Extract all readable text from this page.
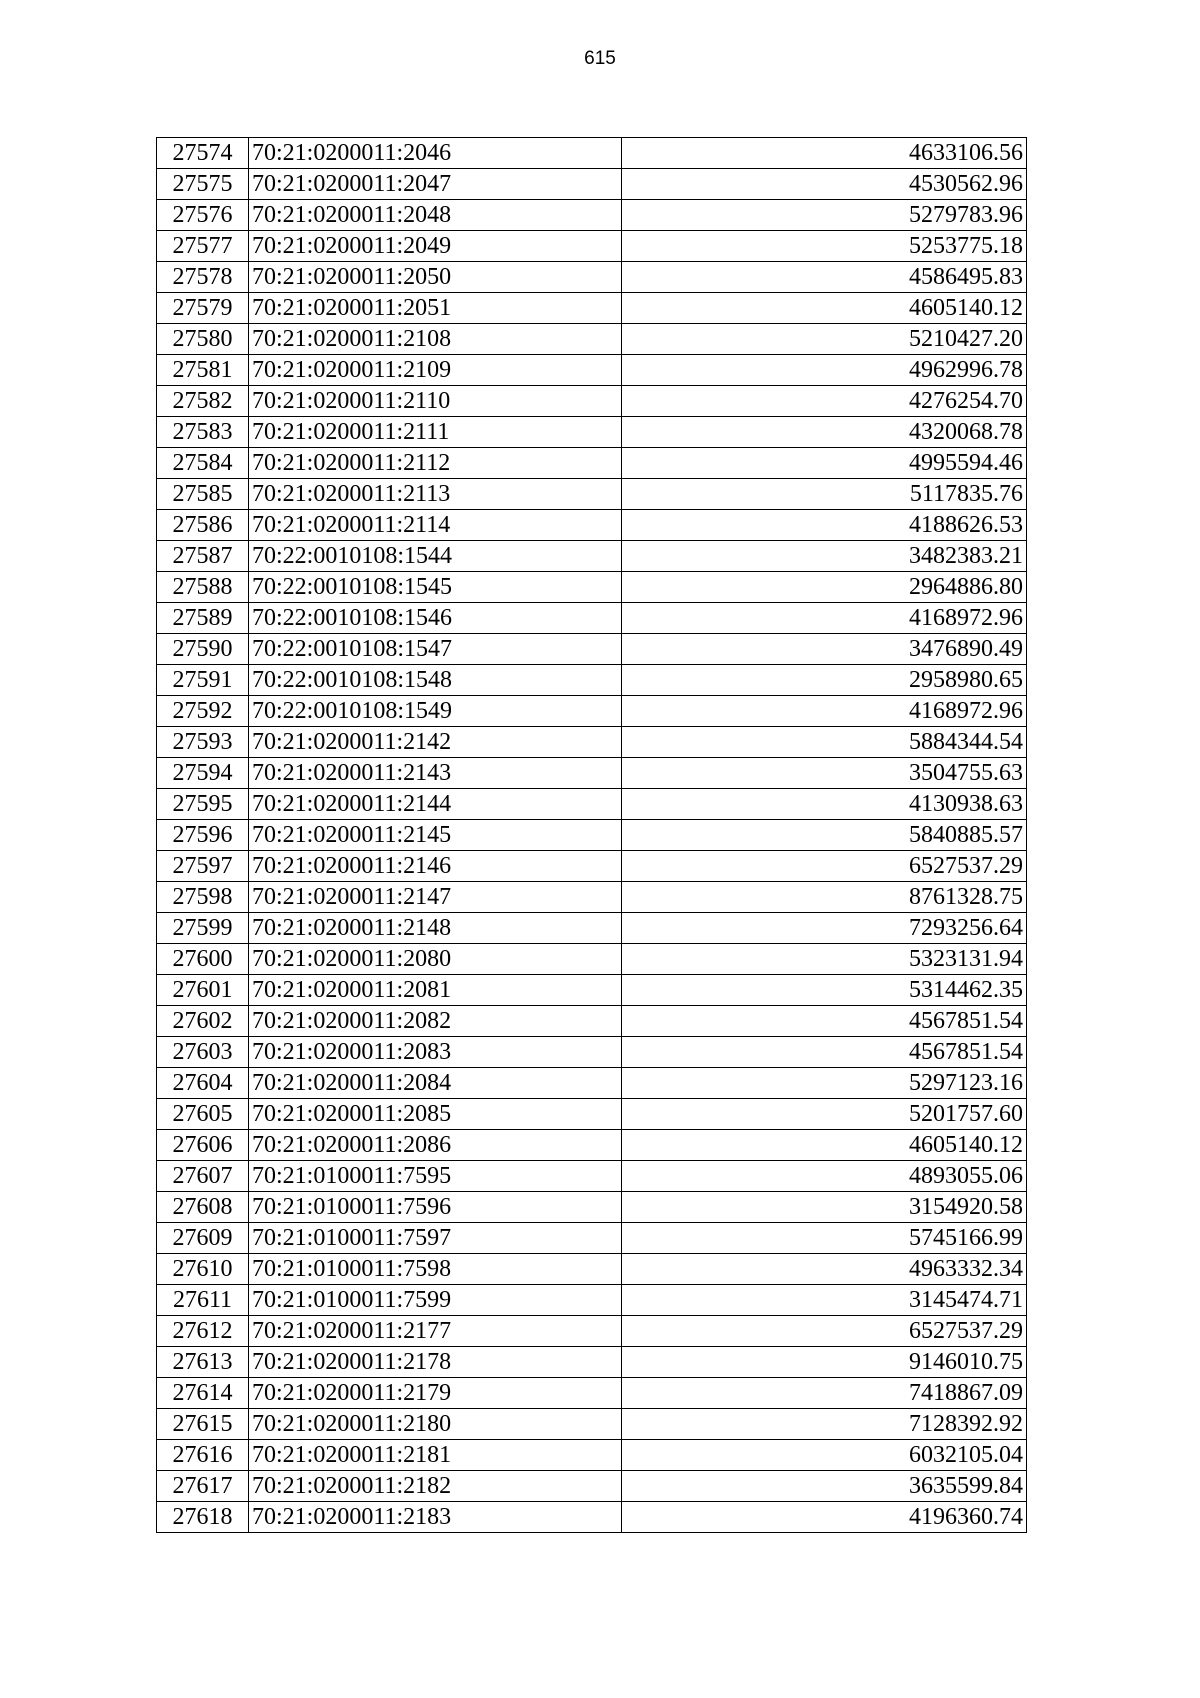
615
27574	70:21:0200011:2046	4633106.56
27575	70:21:0200011:2047	4530562.96
27576	70:21:0200011:2048	5279783.96
27577	70:21:0200011:2049	5253775.18
27578	70:21:0200011:2050	4586495.83
27579	70:21:0200011:2051	4605140.12
27580	70:21:0200011:2108	5210427.20
27581	70:21:0200011:2109	4962996.78
27582	70:21:0200011:2110	4276254.70
27583	70:21:0200011:2111	4320068.78
27584	70:21:0200011:2112	4995594.46
27585	70:21:0200011:2113	5117835.76
27586	70:21:0200011:2114	4188626.53
27587	70:22:0010108:1544	3482383.21
27588	70:22:0010108:1545	2964886.80
27589	70:22:0010108:1546	4168972.96
27590	70:22:0010108:1547	3476890.49
27591	70:22:0010108:1548	2958980.65
27592	70:22:0010108:1549	4168972.96
27593	70:21:0200011:2142	5884344.54
27594	70:21:0200011:2143	3504755.63
27595	70:21:0200011:2144	4130938.63
27596	70:21:0200011:2145	5840885.57
27597	70:21:0200011:2146	6527537.29
27598	70:21:0200011:2147	8761328.75
27599	70:21:0200011:2148	7293256.64
27600	70:21:0200011:2080	5323131.94
27601	70:21:0200011:2081	5314462.35
27602	70:21:0200011:2082	4567851.54
27603	70:21:0200011:2083	4567851.54
27604	70:21:0200011:2084	5297123.16
27605	70:21:0200011:2085	5201757.60
27606	70:21:0200011:2086	4605140.12
27607	70:21:0100011:7595	4893055.06
27608	70:21:0100011:7596	3154920.58
27609	70:21:0100011:7597	5745166.99
27610	70:21:0100011:7598	4963332.34
27611	70:21:0100011:7599	3145474.71
27612	70:21:0200011:2177	6527537.29
27613	70:21:0200011:2178	9146010.75
27614	70:21:0200011:2179	7418867.09
27615	70:21:0200011:2180	7128392.92
27616	70:21:0200011:2181	6032105.04
27617	70:21:0200011:2182	3635599.84
27618	70:21:0200011:2183	4196360.74
